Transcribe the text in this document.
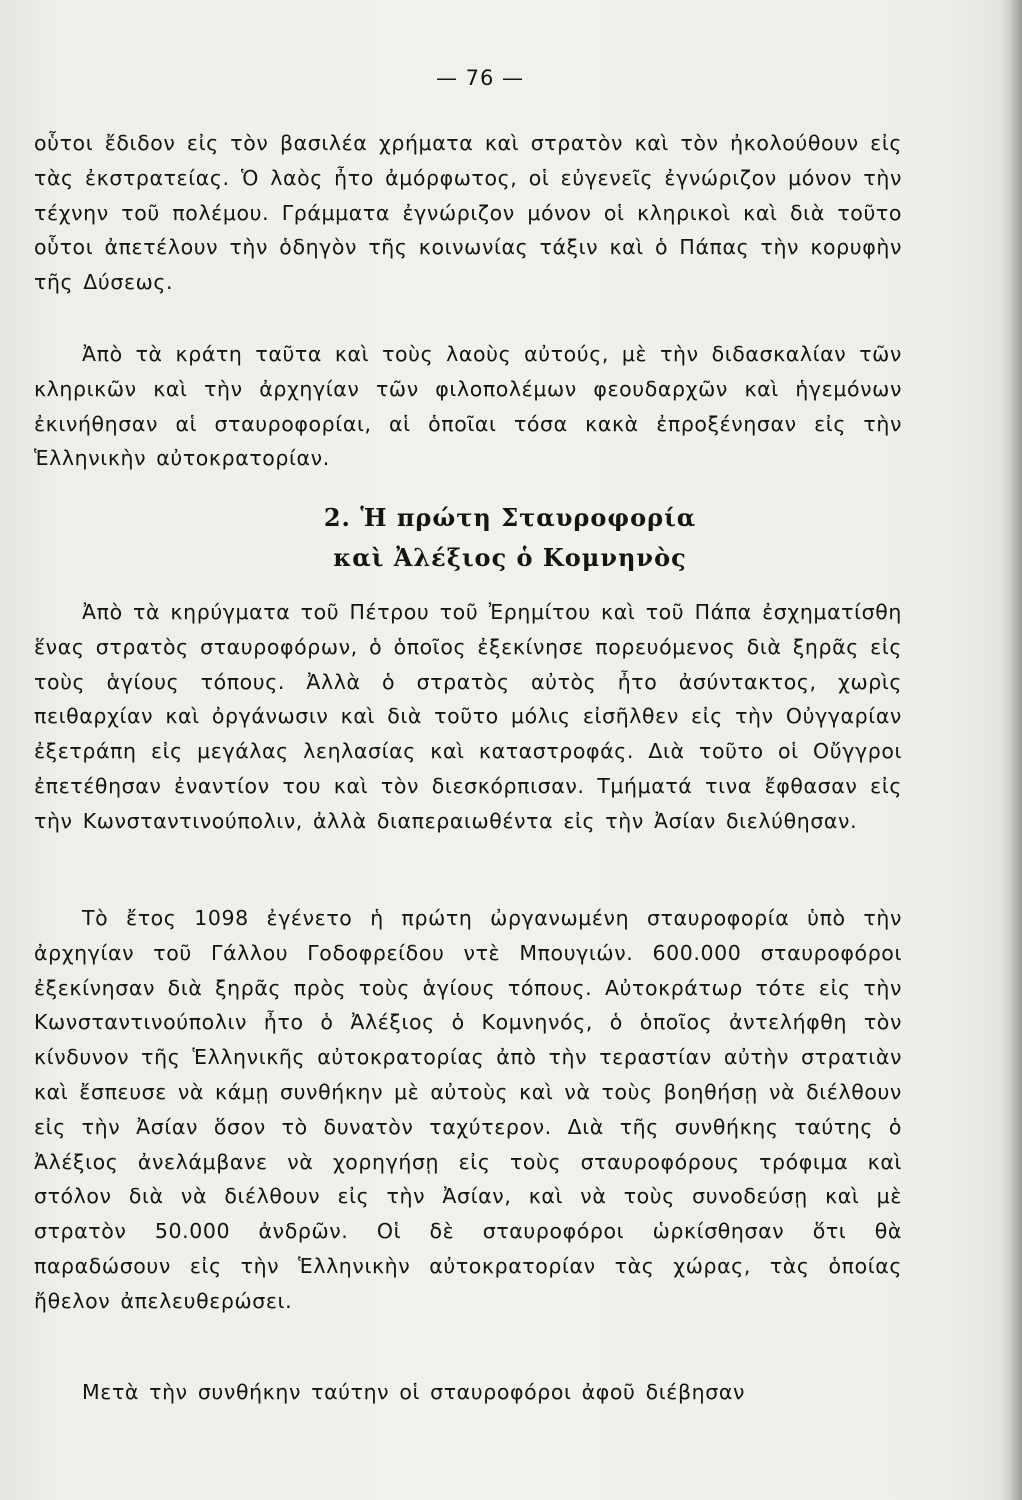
— 76 —

οὗτοι ἔδιδον εἰς τὸν βασιλέα χρήματα καὶ στρατὸν καὶ τὸν ἠκολούθουν εἰς τὰς ἐκστρατείας. Ὁ λαὸς ἦτο ἀμόρφωτος, οἱ εὐγενεῖς ἐγνώριζον μόνον τὴν τέχνην τοῦ πολέμου. Γράμματα ἐγνώριζον μόνον οἱ κληρικοὶ καὶ διὰ τοῦτο οὗτοι ἀπετέλουν τὴν ὁδηγὸν τῆς κοινωνίας τάξιν καὶ ὁ Πάπας τὴν κορυφὴν τῆς Δύσεως.

Ἀπὸ τὰ κράτη ταῦτα καὶ τοὺς λαοὺς αὐτούς, μὲ τὴν διδασκαλίαν τῶν κληρικῶν καὶ τὴν ἀρχηγίαν τῶν φιλοπολέμων φεουδαρχῶν καὶ ἡγεμόνων ἐκινήθησαν αἱ σταυροφορίαι, αἱ ὁποῖαι τόσα κακὰ ἐπροξένησαν εἰς τὴν Ἑλληνικὴν αὐτοκρατορίαν.

2. Ἡ πρώτη Σταυροφορία
καὶ Ἀλέξιος ὁ Κομνηνὸς

Ἀπὸ τὰ κηρύγματα τοῦ Πέτρου τοῦ Ἐρημίτου καὶ τοῦ Πάπα ἐσχηματίσθη ἕνας στρατὸς σταυροφόρων, ὁ ὁποῖος ἐξεκίνησε πορευόμενος διὰ ξηρᾶς εἰς τοὺς ἁγίους τόπους. Ἀλλὰ ὁ στρατὸς αὐτὸς ἦτο ἀσύντακτος, χωρὶς πειθαρχίαν καὶ ὀργάνωσιν καὶ διὰ τοῦτο μόλις εἰσῆλθεν εἰς τὴν Οὐγγαρίαν ἐξετράπη εἰς μεγάλας λεηλασίας καὶ καταστροφάς. Διὰ τοῦτο οἱ Οὔγγροι ἐπετέθησαν ἐναντίον του καὶ τὸν διεσκόρπισαν. Τμήματά τινα ἔφθασαν εἰς τὴν Κωνσταντινούπολιν, ἀλλὰ διαπεραιωθέντα εἰς τὴν Ἀσίαν διελύθησαν.

Τὸ ἔτος 1098 ἐγένετο ἡ πρώτη ὠργανωμένη σταυροφορία ὑπὸ τὴν ἀρχηγίαν τοῦ Γάλλου Γοδοφρείδου ντὲ Μπουγιών. 600.000 σταυροφόροι ἐξεκίνησαν διὰ ξηρᾶς πρὸς τοὺς ἁγίους τόπους. Αὐτοκράτωρ τότε εἰς τὴν Κωνσταντινούπολιν ἦτο ὁ Ἀλέξιος ὁ Κομνηνός, ὁ ὁποῖος ἀντελήφθη τὸν κίνδυνον τῆς Ἑλληνικῆς αὐτοκρατορίας ἀπὸ τὴν τεραστίαν αὐτὴν στρατιὰν καὶ ἔσπευσε νὰ κάμῃ συνθήκην μὲ αὐτοὺς καὶ νὰ τοὺς βοηθήσῃ νὰ διέλθουν εἰς τὴν Ἀσίαν ὅσον τὸ δυνατὸν ταχύτερον. Διὰ τῆς συνθήκης ταύτης ὁ Ἀλέξιος ἀνελάμβανε νὰ χορηγήσῃ εἰς τοὺς σταυροφόρους τρόφιμα καὶ στόλον διὰ νὰ διέλθουν εἰς τὴν Ἀσίαν, καὶ νὰ τοὺς συνοδεύσῃ καὶ μὲ στρατὸν 50.000 ἀνδρῶν. Οἱ δὲ σταυροφόροι ὡρκίσθησαν ὅτι θὰ παραδώσουν εἰς τὴν Ἑλληνικὴν αὐτοκρατορίαν τὰς χώρας, τὰς ὁποίας ἤθελον ἀπελευθερώσει.

Μετὰ τὴν συνθήκην ταύτην οἱ σταυροφόροι ἀφοῦ διέβησαν
